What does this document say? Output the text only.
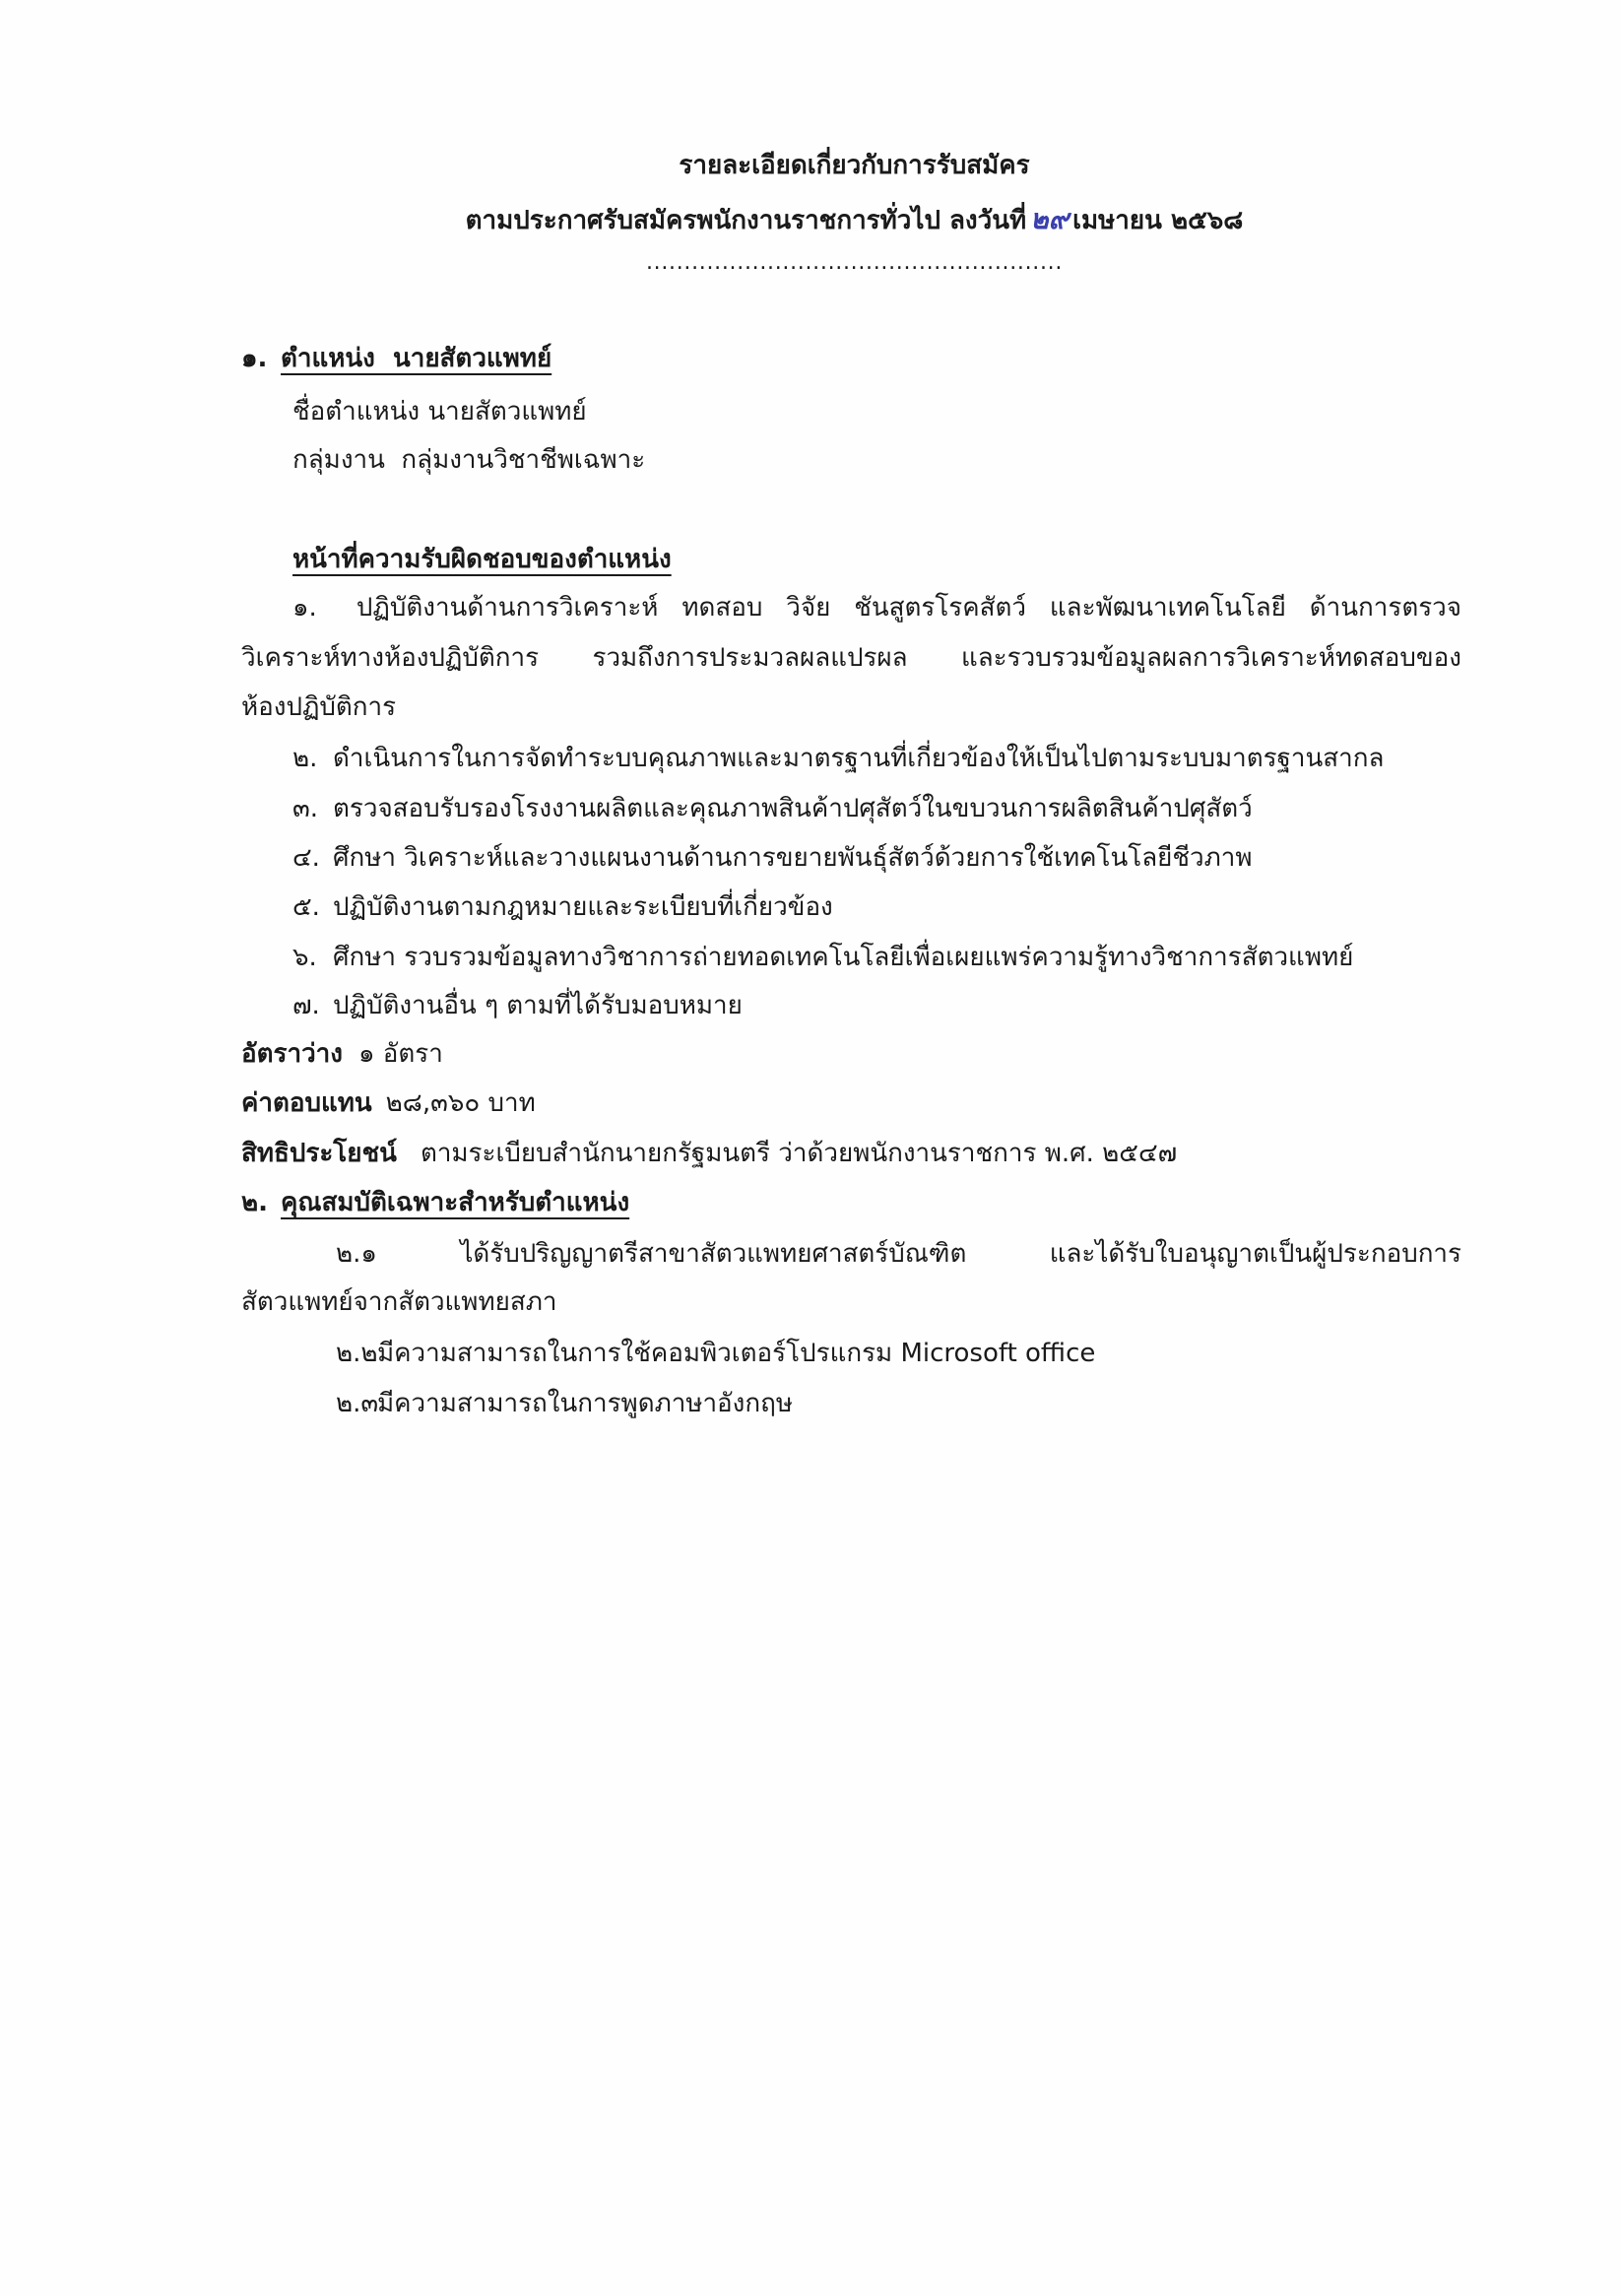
รายละเอียดเกี่ยวกับการรับสมัคร
ตามประกาศรับสมัครพนักงานราชการทั่วไป ลงวันที่ ๒๙ เมษายน ๒๕๖๘
.......................................................
๑. ตำแหน่ง  นายสัตวแพทย์
ชื่อตำแหน่ง นายสัตวแพทย์
กลุ่มงาน  กลุ่มงานวิชาชีพเฉพาะ
หน้าที่ความรับผิดชอบของตำแหน่ง
๑. ปฏิบัติงานด้านการวิเคราะห์ ทดสอบ วิจัย ชันสูตรโรคสัตว์ และพัฒนาเทคโนโลยี ด้านการตรวจ
วิเคราะห์ทางห้องปฏิบัติการ รวมถึงการประมวลผลแปรผล และรวบรวมข้อมูลผลการวิเคราะห์ทดสอบของ
ห้องปฏิบัติการ
๒. ดำเนินการในการจัดทำระบบคุณภาพและมาตรฐานที่เกี่ยวข้องให้เป็นไปตามระบบมาตรฐานสากล
๓. ตรวจสอบรับรองโรงงานผลิตและคุณภาพสินค้าปศุสัตว์ในขบวนการผลิตสินค้าปศุสัตว์
๔. ศึกษา วิเคราะห์และวางแผนงานด้านการขยายพันธุ์สัตว์ด้วยการใช้เทคโนโลยีชีวภาพ
๕. ปฏิบัติงานตามกฎหมายและระเบียบที่เกี่ยวข้อง
๖. ศึกษา รวบรวมข้อมูลทางวิชาการถ่ายทอดเทคโนโลยีเพื่อเผยแพร่ความรู้ทางวิชาการสัตวแพทย์
๗. ปฏิบัติงานอื่น ๆ ตามที่ได้รับมอบหมาย
อัตราว่าง ๑ อัตรา
ค่าตอบแทน ๒๘,๓๖๐ บาท
สิทธิประโยชน์ ตามระเบียบสำนักนายกรัฐมนตรี ว่าด้วยพนักงานราชการ พ.ศ. ๒๕๔๗
๒. คุณสมบัติเฉพาะสำหรับตำแหน่ง
๒.๑	ได้รับปริญญาตรีสาขาสัตวแพทยศาสตร์บัณฑิต และได้รับใบอนุญาตเป็นผู้ประกอบการ
สัตวแพทย์จากสัตวแพทยสภา
๒.๒มีความสามารถในการใช้คอมพิวเตอร์โปรแกรม Microsoft office
๒.๓มีความสามารถในการพูดภาษาอังกฤษ
